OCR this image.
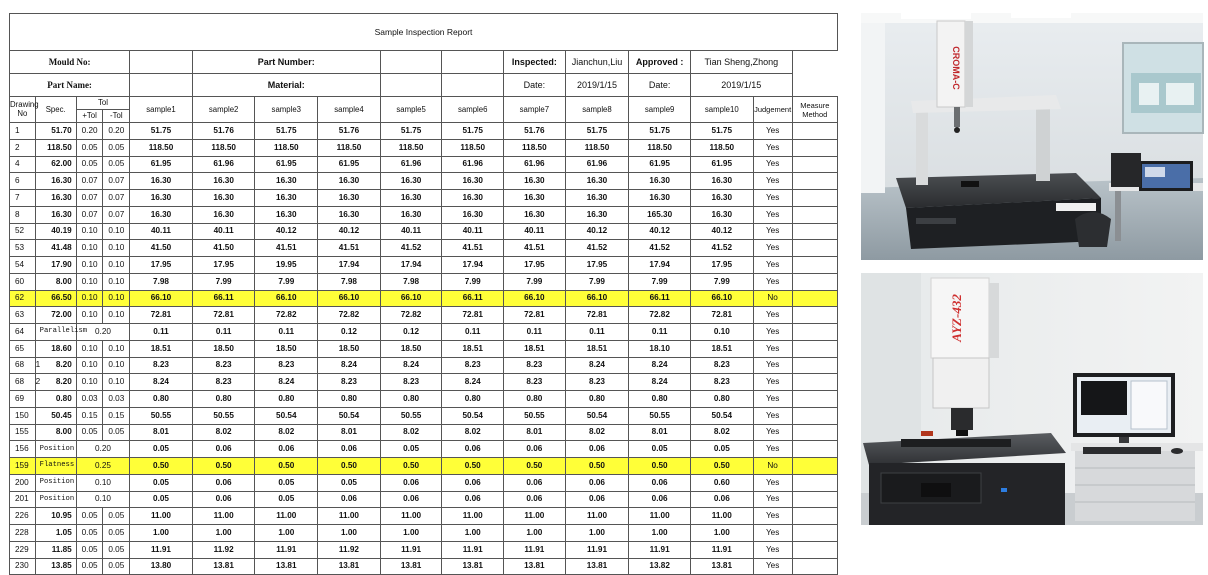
Sample Inspection Report															
Mould No:					Part Number:					Inspected:	Jianchun,Liu	Approved :	Tian Sheng,Zhong		
Part Name:					Material:					Date:	2019/1/15	Date:	2019/1/15		
Drawing No	Spec.	Tol		sample1	sample2	sample3	sample4	sample5	sample6	sample7	sample8	sample9	sample10	Judgement	Measure Method
		+Tol	-Tol												
1	51.70	0.20	0.20	51.75	51.76	51.75	51.76	51.75	51.75	51.76	51.75	51.75	51.75	Yes	
2	118.50	0.05	0.05	118.50	118.50	118.50	118.50	118.50	118.50	118.50	118.50	118.50	118.50	Yes	
4	62.00	0.05	0.05	61.95	61.96	61.95	61.95	61.96	61.96	61.96	61.96	61.95	61.95	Yes	
6	16.30	0.07	0.07	16.30	16.30	16.30	16.30	16.30	16.30	16.30	16.30	16.30	16.30	Yes	
7	16.30	0.07	0.07	16.30	16.30	16.30	16.30	16.30	16.30	16.30	16.30	16.30	16.30	Yes	
8	16.30	0.07	0.07	16.30	16.30	16.30	16.30	16.30	16.30	16.30	16.30	165.30	16.30	Yes	
52	40.19	0.10	0.10	40.11	40.11	40.12	40.12	40.11	40.11	40.11	40.12	40.12	40.12	Yes	
53	41.48	0.10	0.10	41.50	41.50	41.51	41.51	41.52	41.51	41.51	41.52	41.52	41.52	Yes	
54	17.90	0.10	0.10	17.95	17.95	19.95	17.94	17.94	17.94	17.95	17.95	17.94	17.95	Yes	
60	8.00	0.10	0.10	7.98	7.99	7.99	7.98	7.98	7.99	7.99	7.99	7.99	7.99	Yes	
62	66.50	0.10	0.10	66.10	66.11	66.10	66.10	66.10	66.11	66.10	66.10	66.11	66.10	No	
63	72.00	0.10	0.10	72.81	72.81	72.82	72.82	72.82	72.81	72.81	72.81	72.82	72.81	Yes	
64	Parallelism	0.20		0.11	0.11	0.11	0.12	0.12	0.11	0.11	0.11	0.11	0.10	Yes	
65	18.60	0.10	0.10	18.51	18.50	18.50	18.50	18.50	18.51	18.51	18.51	18.10	18.51	Yes	
68	1 8.20	0.10	0.10	8.23	8.23	8.23	8.24	8.24	8.23	8.23	8.24	8.24	8.23	Yes	
68	2 8.20	0.10	0.10	8.24	8.23	8.24	8.23	8.23	8.24	8.23	8.23	8.24	8.23	Yes	
69	0.80	0.03	0.03	0.80	0.80	0.80	0.80	0.80	0.80	0.80	0.80	0.80	0.80	Yes	
150	50.45	0.15	0.15	50.55	50.55	50.54	50.54	50.55	50.54	50.55	50.54	50.55	50.54	Yes	
155	8.00	0.05	0.05	8.01	8.02	8.02	8.01	8.02	8.02	8.01	8.02	8.01	8.02	Yes	
156	Position	0.20		0.05	0.06	0.06	0.06	0.05	0.06	0.06	0.06	0.05	0.05	Yes	
159	Flatness	0.25		0.50	0.50	0.50	0.50	0.50	0.50	0.50	0.50	0.50	0.50	No	
200	Position	0.10		0.05	0.06	0.05	0.05	0.06	0.06	0.06	0.06	0.06	0.60	Yes	
201	Position	0.10		0.05	0.06	0.05	0.06	0.06	0.06	0.06	0.06	0.06	0.06	Yes	
226	10.95	0.05	0.05	11.00	11.00	11.00	11.00	11.00	11.00	11.00	11.00	11.00	11.00	Yes	
228	1.05	0.05	0.05	1.00	1.00	1.00	1.00	1.00	1.00	1.00	1.00	1.00	1.00	Yes	
229	11.85	0.05	0.05	11.91	11.92	11.91	11.92	11.91	11.91	11.91	11.91	11.91	11.91	Yes	
230	13.85	0.05	0.05	13.80	13.81	13.81	13.81	13.81	13.81	13.81	13.81	13.82	13.81	Yes	
CROMA-C
AYZ-432
